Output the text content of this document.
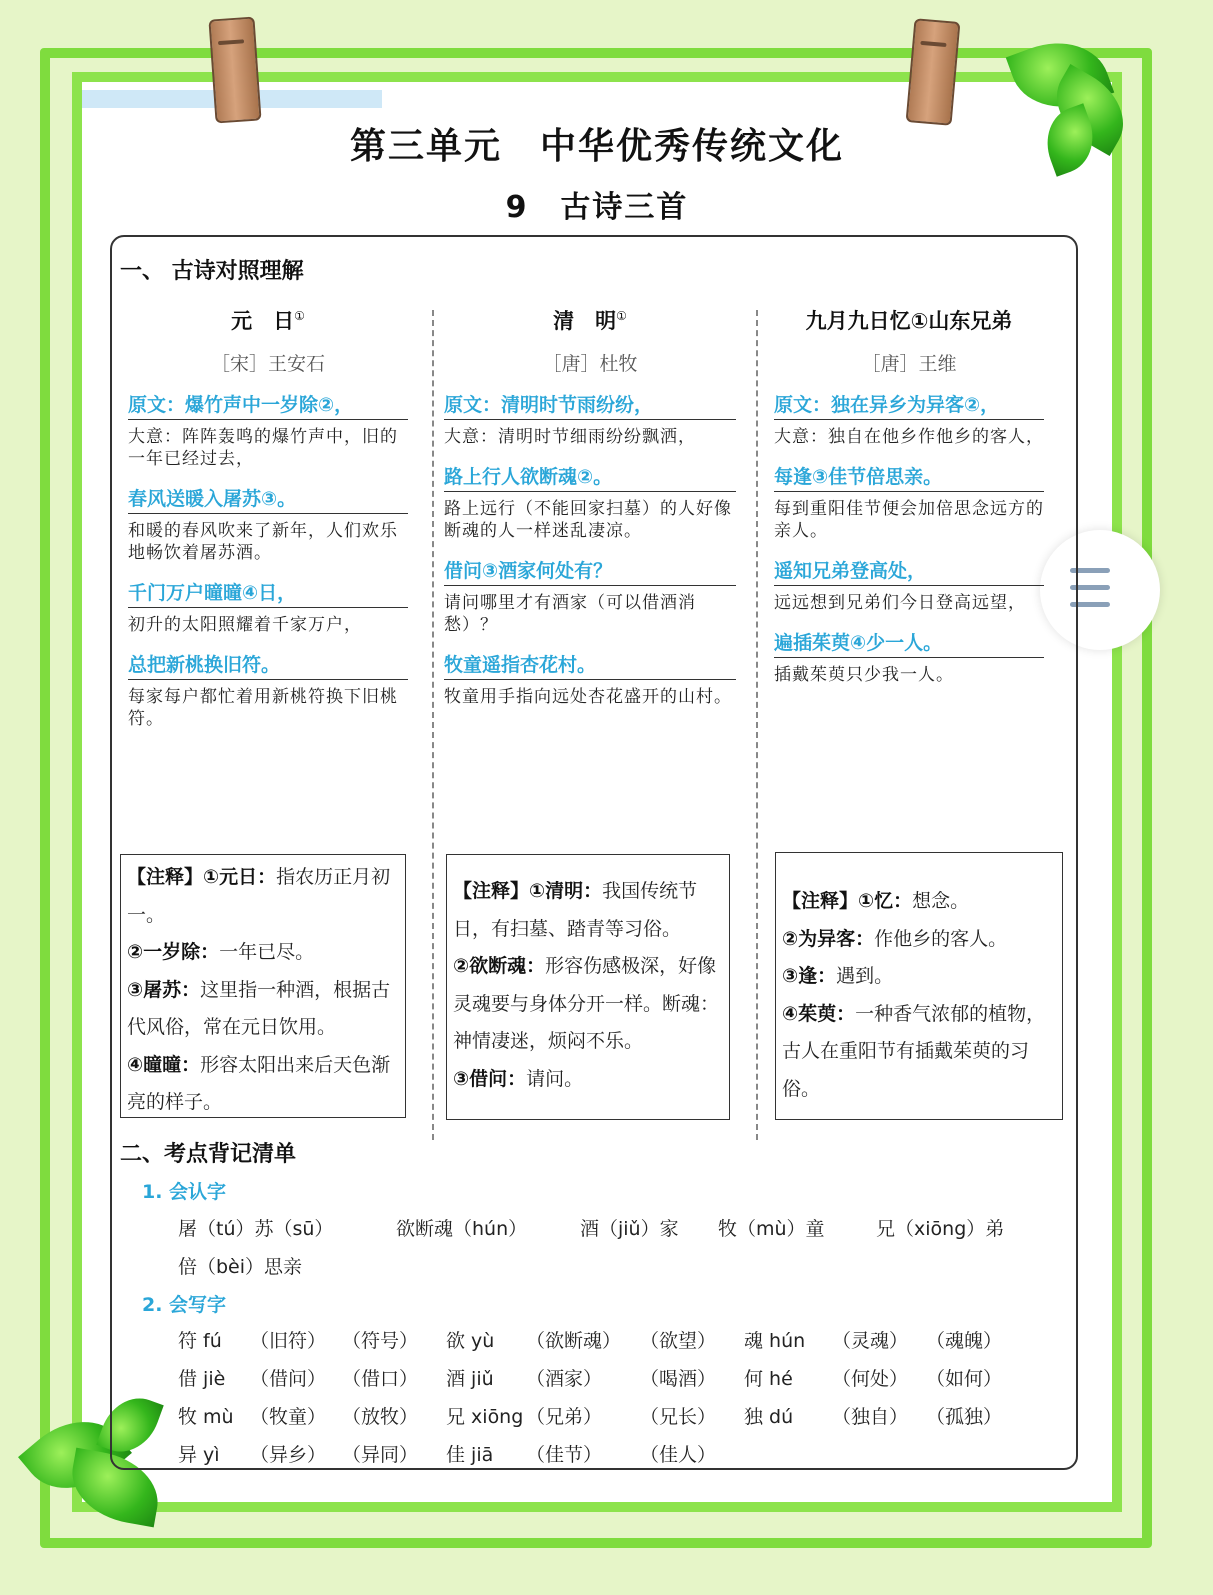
第三单元　中华优秀传统文化
9　古诗三首
一、 古诗对照理解
元　日①
［宋］王安石
原文：爆竹声中一岁除②，
大意：阵阵轰鸣的爆竹声中，旧的一年已经过去，
春风送暖入屠苏③。
和暖的春风吹来了新年，人们欢乐地畅饮着屠苏酒。
千门万户曈曈④日，
初升的太阳照耀着千家万户，
总把新桃换旧符。
每家每户都忙着用新桃符换下旧桃符。
清　明①
［唐］杜牧
原文：清明时节雨纷纷，
大意：清明时节细雨纷纷飘洒，
路上行人欲断魂②。
路上远行（不能回家扫墓）的人好像断魂的人一样迷乱凄凉。
借问③酒家何处有？
请问哪里才有酒家（可以借酒消愁）？
牧童遥指杏花村。
牧童用手指向远处杏花盛开的山村。
九月九日忆①山东兄弟
［唐］王维
原文：独在异乡为异客②，
大意：独自在他乡作他乡的客人，
每逢③佳节倍思亲。
每到重阳佳节便会加倍思念远方的亲人。
遥知兄弟登高处，
远远想到兄弟们今日登高远望，
遍插茱萸④少一人。
插戴茱萸只少我一人。
【注释】①元日：指农历正月初一。
②一岁除：一年已尽。
③屠苏：这里指一种酒，根据古代风俗，常在元日饮用。
④曈曈：形容太阳出来后天色渐亮的样子。
【注释】①清明：我国传统节日，有扫墓、踏青等习俗。
②欲断魂：形容伤感极深，好像灵魂要与身体分开一样。断魂：神情凄迷，烦闷不乐。
③借问：请问。
【注释】①忆：想念。
②为异客：作他乡的客人。
③逢：遇到。
④茱萸：一种香气浓郁的植物，古人在重阳节有插戴茱萸的习俗。
二、考点背记清单
1. 会认字
屠（tú）苏（sū）	欲断魂（hún）	酒（jiǔ）家 牧（mù）童	兄（xiōng）弟
倍（bèi）思亲
2. 会写字
符 fú （旧符） （符号） 欲 yù （欲断魂） （欲望） 魂 hún （灵魂） （魂魄）
借 jiè （借问） （借口） 酒 jiǔ （酒家） （喝酒） 何 hé （何处） （如何）
牧 mù （牧童） （放牧） 兄 xiōng （兄弟） （兄长） 独 dú （独自） （孤独）
异 yì （异乡） （异同） 佳 jiā （佳节） （佳人）
